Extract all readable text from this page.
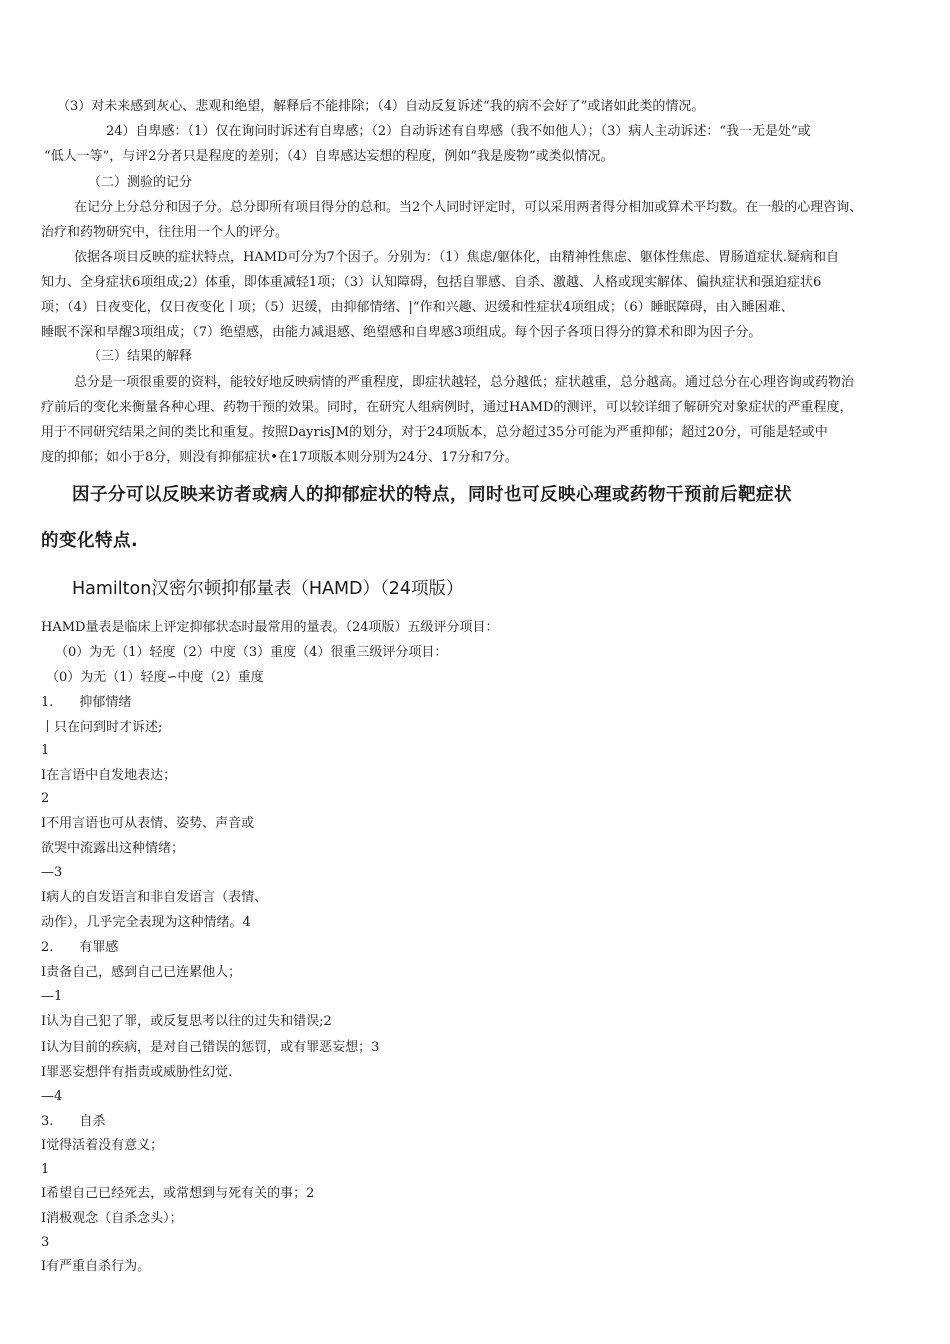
（3）对未来感到灰心、悲观和绝望，解释后不能排除；（4）自动反复诉述“我的病不会好了”或诸如此类的情况。
24）自卑感：（1）仅在询问时诉述有自卑感；（2）自动诉述有自卑感（我不如他人）；（3）病人主动诉述：“我一无是处”或
“低人一等”，与评2分者只是程度的差别；（4）自卑感达妄想的程度，例如“我是废物”或类似情况。
（二）测验的记分
在记分上分总分和因子分。总分即所有项目得分的总和。当2个人同时评定时，可以采用两者得分相加或算术平均数。在一般的心理咨询、
治疗和药物研究中，往往用一个人的评分。
依据各项目反映的症状特点，HAMD可分为7个因子。分别为：（1）焦虑/躯体化，由精神性焦虑、躯体性焦虑、胃肠道症状.疑病和自
知力、全身症状6项组成;2）体重，即体重减轻1项；（3）认知障碍，包括自罪感、自杀、激越、人格或现实解体、偏执症状和强迫症状6
项；（4）日夜变化，仅日夜变化丨项；（5）迟缓，由抑郁情绪、|“作和兴趣、迟缓和性症状4项组成；（6）睡眠障碍，由入睡困难、
睡眠不深和早醒3项组成；（7）绝望感，由能力减退感、绝望感和自卑感3项组成。每个因子各项日得分的算术和即为因子分。
（三）结果的解释
总分是一项很重要的资料，能较好地反映病情的严重程度，即症状越轻，总分越低；症状越重，总分越高。通过总分在心理咨询或药物治
疗前后的变化来衡量各种心理、药物干预的效果。同时，在研究人组病例时，通过HAMD的测评，可以较详细了解研究对象症状的严重程度，
用于不同研究结果之间的类比和重复。按照DayrisJM的划分，对于24项版本，总分超过35分可能为严重抑郁；超过20分，可能是轻或中
度的抑郁；如小于8分，则没有抑郁症状•在17项版本则分别为24分、17分和7分。
因子分可以反映来访者或病人的抑郁症状的特点，同时也可反映心理或药物干预前后靶症状
的变化特点.
Hamilton汉密尔顿抑郁量表（HAMD）（24项版）
HAMD量表是临床上评定抑郁状态时最常用的量表。（24项版）五级评分项目：
（0）为无（1）轻度（2）中度（3）重度（4）很重三级评分项目：
（0）为无（1）轻度∽中度（2）重度
1.　　抑郁情绪
丨只在问到时才诉述;
1
I在言语中自发地表达；
2
I不用言语也可从表情、姿势、声音或
欲哭中流露出这种情绪；
—3
I病人的自发语言和非自发语言（表情、
动作），几乎完全表现为这种情绪。4
2.　　有罪感
I责备自己，感到自己已连累他人；
—1
I认为自己犯了罪，或反复思考以往的过失和错误;2
I认为目前的疾病，是对自己错误的惩罚，或有罪恶妄想；3
I罪恶妄想伴有指责或威胁性幻觉.
—4
3.　　自杀
I觉得活着没有意义；
1
I希望自己已经死去，或常想到与死有关的事；2
I消极观念（自杀念头）；
3
I有严重自杀行为。
